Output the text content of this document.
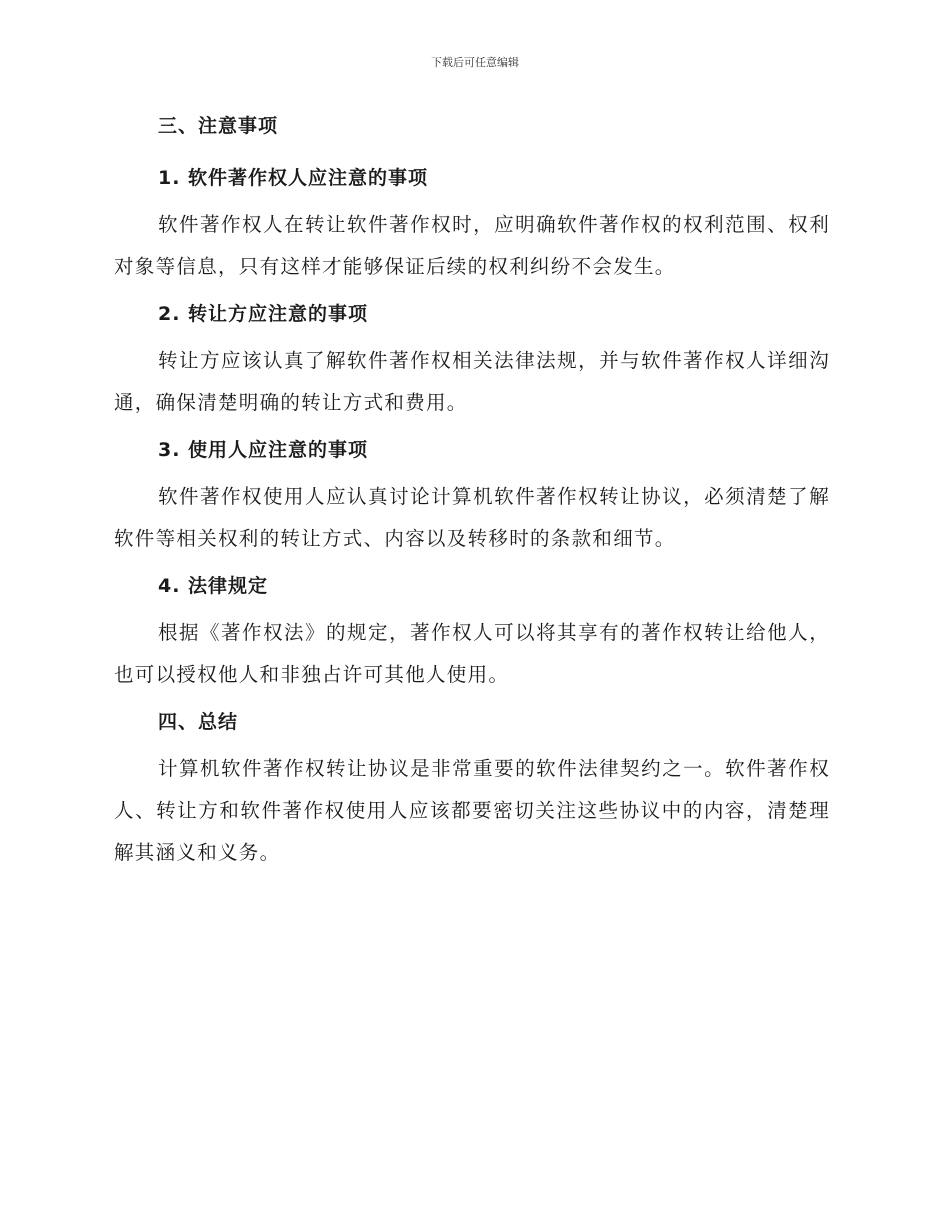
下载后可任意编辑
三、注意事项
1. 软件著作权人应注意的事项

软件著作权人在转让软件著作权时，应明确软件著作权的权利范围、权利对象等信息，只有这样才能够保证后续的权利纠纷不会发生。

2. 转让方应注意的事项

转让方应该认真了解软件著作权相关法律法规，并与软件著作权人详细沟通，确保清楚明确的转让方式和费用。

3. 使用人应注意的事项

软件著作权使用人应认真讨论计算机软件著作权转让协议，必须清楚了解软件等相关权利的转让方式、内容以及转移时的条款和细节。

4. 法律规定

根据《著作权法》的规定，著作权人可以将其享有的著作权转让给他人，也可以授权他人和非独占许可其他人使用。

四、总结

计算机软件著作权转让协议是非常重要的软件法律契约之一。软件著作权人、转让方和软件著作权使用人应该都要密切关注这些协议中的内容，清楚理解其涵义和义务。
